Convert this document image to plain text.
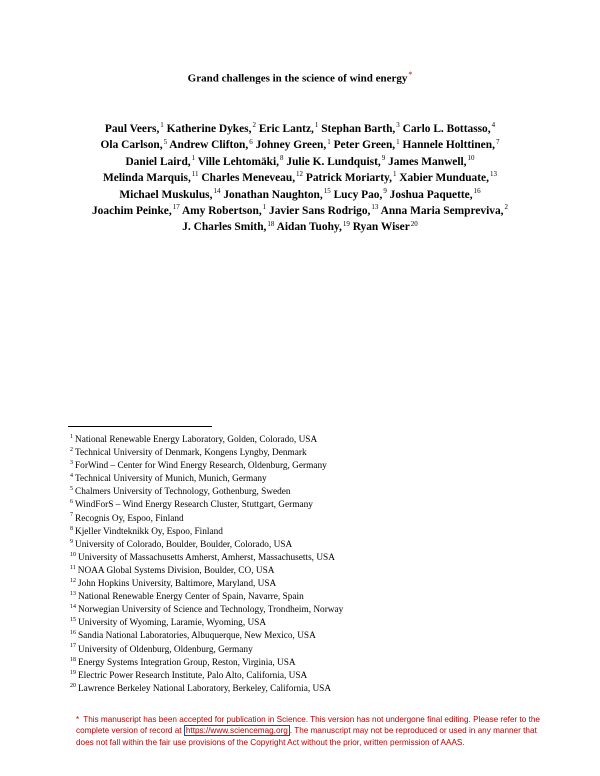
Grand challenges in the science of wind energy*
Paul Veers,$^1$ Katherine Dykes,$^2$ Eric Lantz,$^1$ Stephan Barth,$^3$ Carlo L. Bottasso,$^4$ Ola Carlson,$^5$ Andrew Clifton,$^6$ Johney Green,$^1$ Peter Green,$^1$ Hannele Holttinen,$^7$ Daniel Laird,$^1$ Ville Lehtomäki,$^8$ Julie K. Lundquist,$^9$ James Manwell,$^{10}$ Melinda Marquis,$^{11}$ Charles Meneveau,$^{12}$ Patrick Moriarty,$^1$ Xabier Munduate,$^{13}$ Michael Muskulus,$^{14}$ Jonathan Naughton,$^{15}$ Lucy Pao,$^9$ Joshua Paquette,$^{16}$ Joachim Peinke,$^{17}$ Amy Robertson,$^1$ Javier Sans Rodrigo,$^{13}$ Anna Maria Sempreviva,$^2$ J. Charles Smith,$^{18}$ Aidan Tuohy,$^{19}$ Ryan Wiser$^{20}$
$^1$ National Renewable Energy Laboratory, Golden, Colorado, USA
$^2$ Technical University of Denmark, Kongens Lyngby, Denmark
$^3$ ForWind – Center for Wind Energy Research, Oldenburg, Germany
$^4$ Technical University of Munich, Munich, Germany
$^5$ Chalmers University of Technology, Gothenburg, Sweden
$^6$ WindForS – Wind Energy Research Cluster, Stuttgart, Germany
$^7$ Recognis Oy, Espoo, Finland
$^8$ Kjeller Vindteknikk Oy, Espoo, Finland
$^9$ University of Colorado, Boulder, Boulder, Colorado, USA
$^{10}$ University of Massachusetts Amherst, Amherst, Massachusetts, USA
$^{11}$ NOAA Global Systems Division, Boulder, CO, USA
$^{12}$ John Hopkins University, Baltimore, Maryland, USA
$^{13}$ National Renewable Energy Center of Spain, Navarre, Spain
$^{14}$ Norwegian University of Science and Technology, Trondheim, Norway
$^{15}$ University of Wyoming, Laramie, Wyoming, USA
$^{16}$ Sandia National Laboratories, Albuquerque, New Mexico, USA
$^{17}$ University of Oldenburg, Oldenburg, Germany
$^{18}$ Energy Systems Integration Group, Reston, Virginia, USA
$^{19}$ Electric Power Research Institute, Palo Alto, California, USA
$^{20}$ Lawrence Berkeley National Laboratory, Berkeley, California, USA
* This manuscript has been accepted for publication in Science. This version has not undergone final editing. Please refer to the complete version of record at https://www.sciencemag.org . The manuscript may not be reproduced or used in any manner that does not fall within the fair use provisions of the Copyright Act without the prior, written permission of AAAS.
